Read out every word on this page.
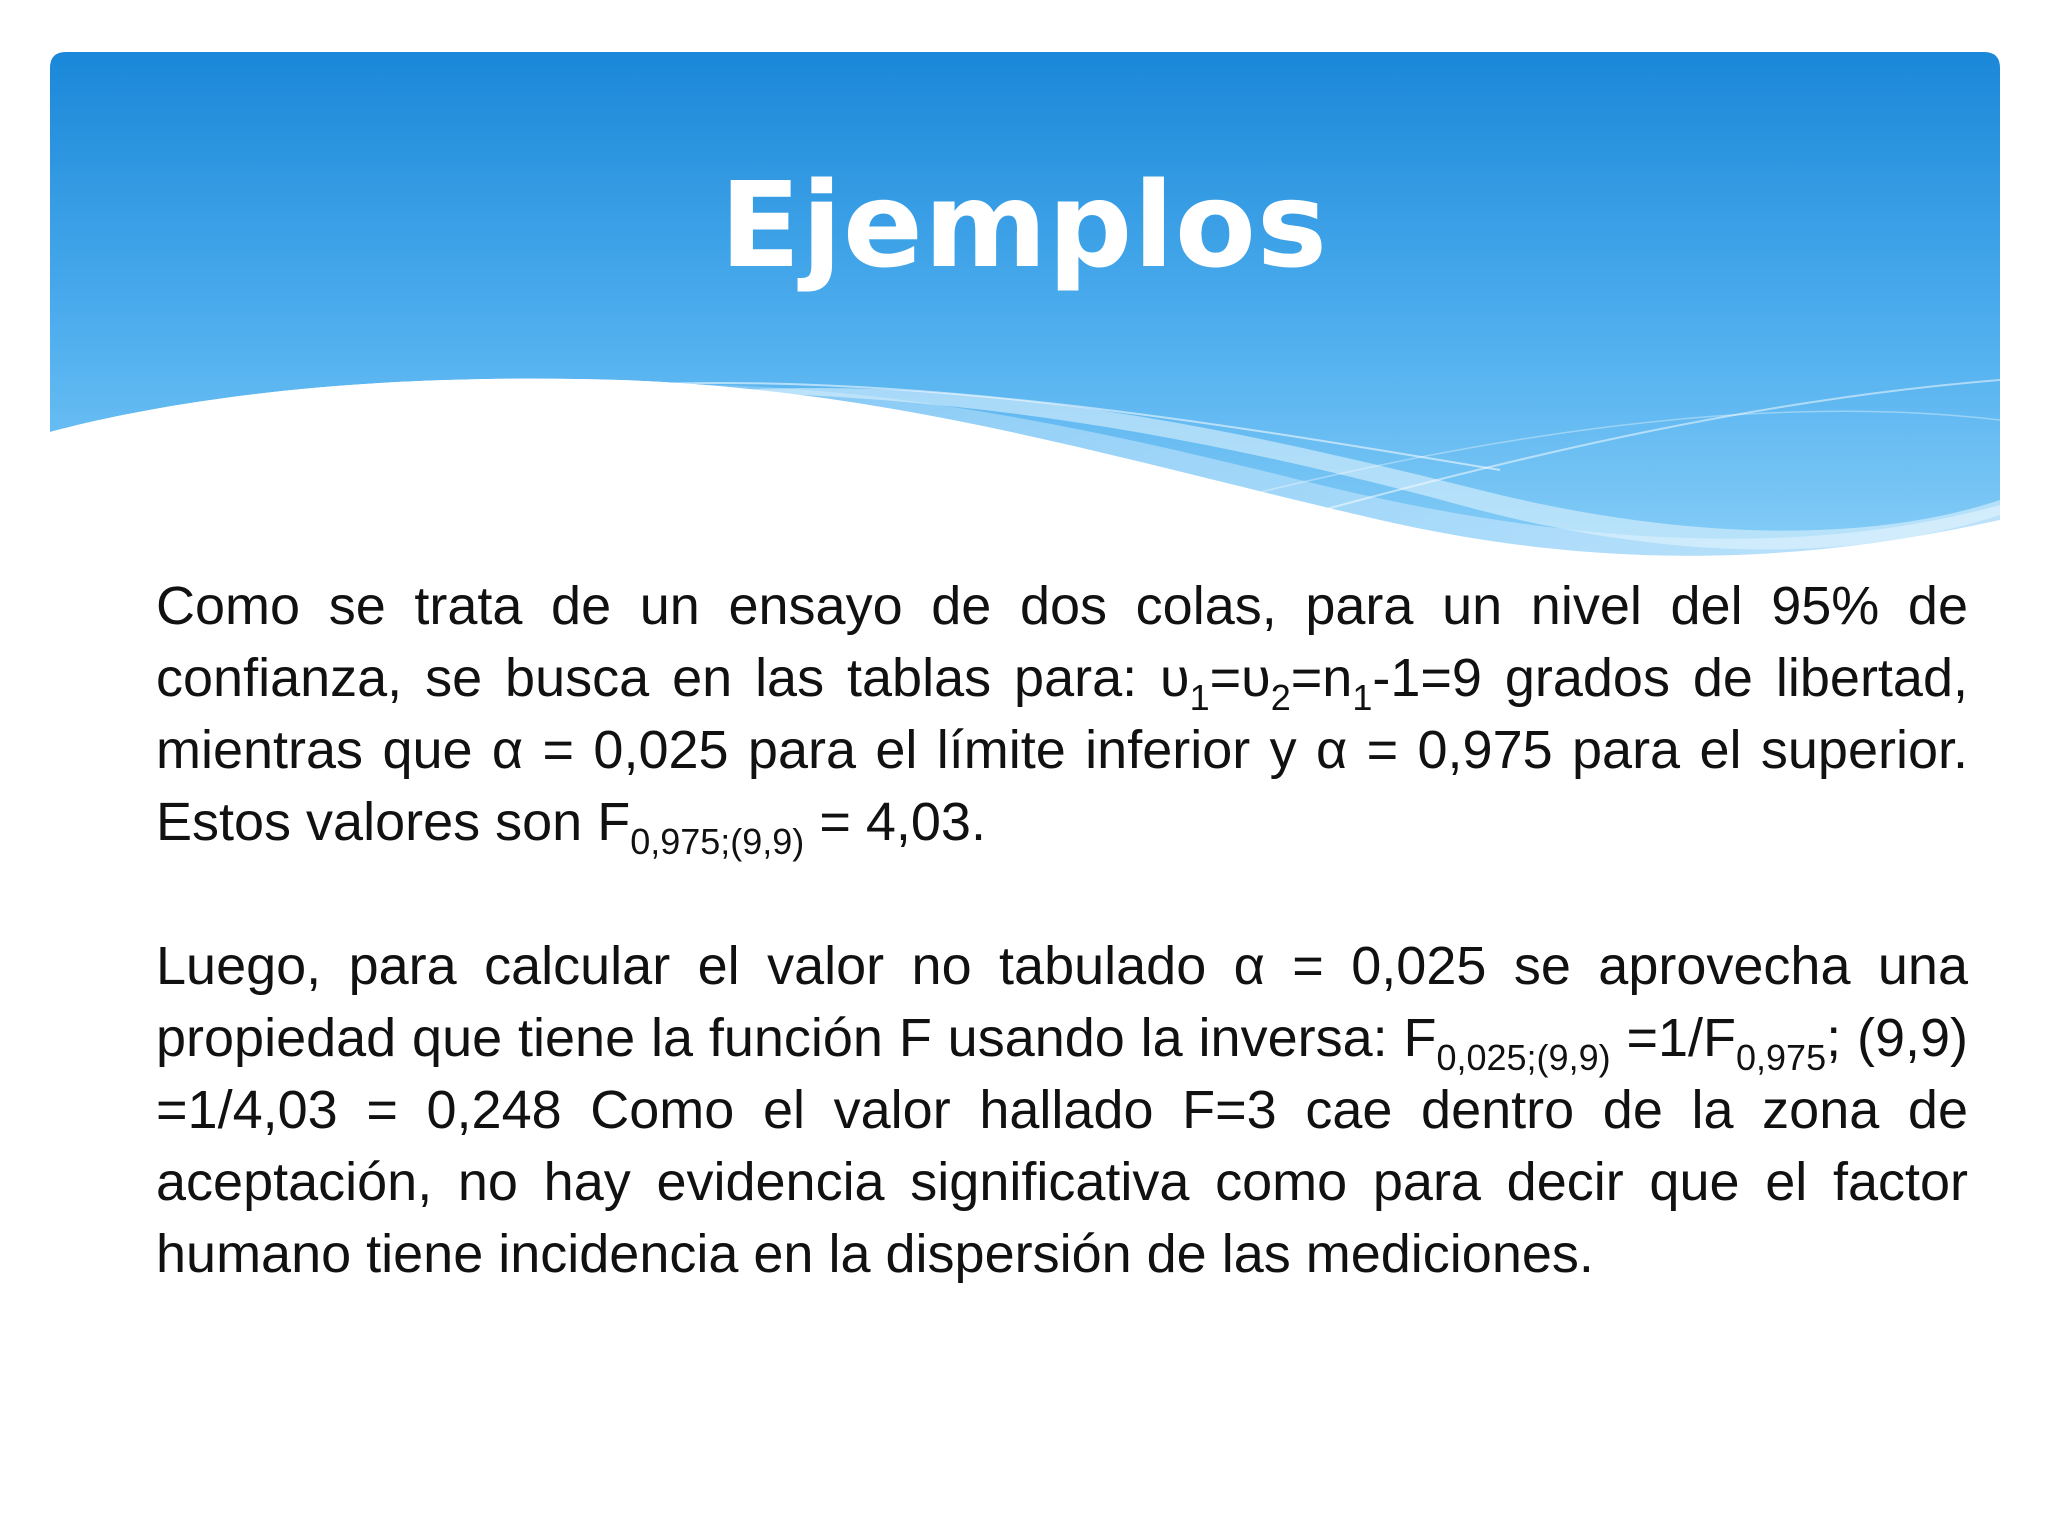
Ejemplos

Como se trata de un ensayo de dos colas, para un nivel del 95% de confianza, se busca en las tablas para: $\upsilon_1=\upsilon_2=n_1-1=9$ grados de libertad, mientras que α = 0,025 para el límite inferior y α = 0,975 para el superior. Estos valores son $F_{0,975;(9,9)} = 4,03$.

Luego, para calcular el valor no tabulado α = 0,025 se aprovecha una propiedad que tiene la función F usando la inversa: $F_{0,025;(9,9)} =1/F_{0,975}$; (9,9) =1/4,03 = 0,248 Como el valor hallado F=3 cae dentro de la zona de aceptación, no hay evidencia significativa como para decir que el factor humano tiene incidencia en la dispersión de las mediciones.
